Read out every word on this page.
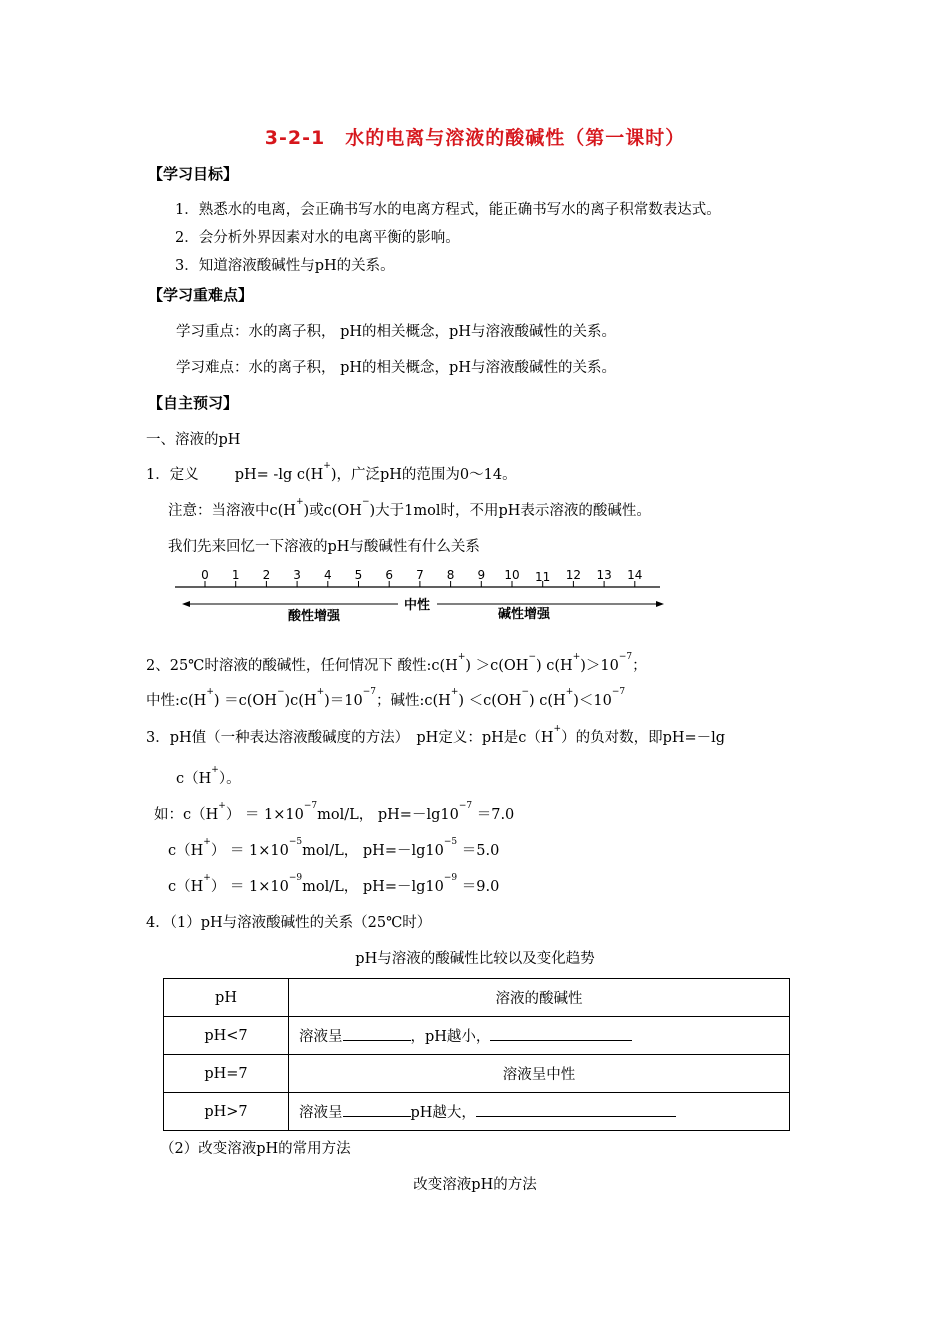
3-2-1　水的电离与溶液的酸碱性（第一课时）
【学习目标】
1．熟悉水的电离，会正确书写水的电离方程式，能正确书写水的离子积常数表达式。
2．会分析外界因素对水的电离平衡的影响。
3．知道溶液酸碱性与pH的关系。
【学习重难点】
学习重点：水的离子积， pH的相关概念，pH与溶液酸碱性的关系。
学习难点：水的离子积， pH的相关概念，pH与溶液酸碱性的关系。
【自主预习】
一、溶液的pH
1．定义 pH= -lg c(H+)，广泛pH的范围为0～14。
注意：当溶液中c(H+)或c(OH−)大于1mol时，不用pH表示溶液的酸碱性。
我们先来回忆一下溶液的pH与酸碱性有什么关系
0 1 2 3 4 5 6 7 8 9 10 11 12 13 14
酸性增强
中性
碱性增强
2、25℃时溶液的酸碱性，任何情况下 酸性:c(H+) ＞c(OH−) $c(H^+)>10^{-7}$；
中性:c(H+) $=c(OH^-)c(H^+)=10^{-7}$；碱性:c(H+) ＜c(OH−) $c(H^+)<10^{-7}$
3．pH值（一种表达溶液酸碱度的方法）　pH定义：pH是c（H+）的负对数，即pH=－lg
c（H+）。
如：$c(H^+) = 1\times 10^{-7}mol/L$， $pH=-\lg 10^{-7} =7.0$
$c(H^+) = 1\times 10^{-5}mol/L$， $pH=-\lg 10^{-5} =5.0$
$c(H^+) = 1\times 10^{-9}mol/L$， $pH=-\lg 10^{-9} =9.0$
4．（1）pH与溶液酸碱性的关系（25℃时）
pH与溶液的酸碱性比较以及变化趋势
pH	溶液的酸碱性
pH<7	溶液呈 ，pH越小，
pH=7	溶液呈中性
pH>7	溶液呈 pH越大，
（2）改变溶液pH的常用方法
改变溶液pH的方法
